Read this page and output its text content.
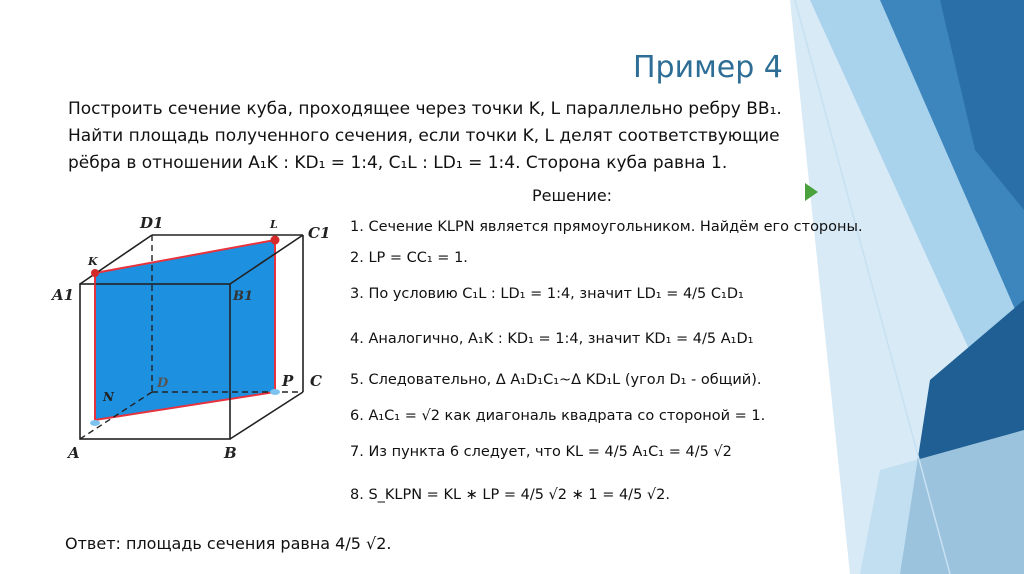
Пример 4
Построить сечение куба, проходящее через точки K, L параллельно ребру BB₁.
Найти площадь полученного сечения, если точки K, L делят соответствующие
рёбра в отношении A₁K : KD₁ = 1:4, C₁L : LD₁ = 1:4. Сторона куба равна 1.
A	B
C
D
A1	B1
C1
D1
K
L
P
N
Решение:
1. Сечение KLPN является прямоугольником. Найдём его стороны.
2. LP = CC₁ = 1.
3. По условию C₁L : LD₁ = 1:4, значит LD₁ = 4/5 C₁D₁
4. Аналогично, A₁K : KD₁ = 1:4, значит KD₁ = 4/5 A₁D₁
5. Следовательно, Δ A₁D₁C₁~Δ KD₁L (угол D₁ - общий).
6. A₁C₁ = √2 как диагональ квадрата со стороной = 1.
7. Из пункта 6 следует, что KL = 4/5 A₁C₁ = 4/5 √2
8. S_KLPN = KL ∗ LP = 4/5 √2 ∗ 1 = 4/5 √2.
Ответ: площадь сечения равна 4/5 √2.
